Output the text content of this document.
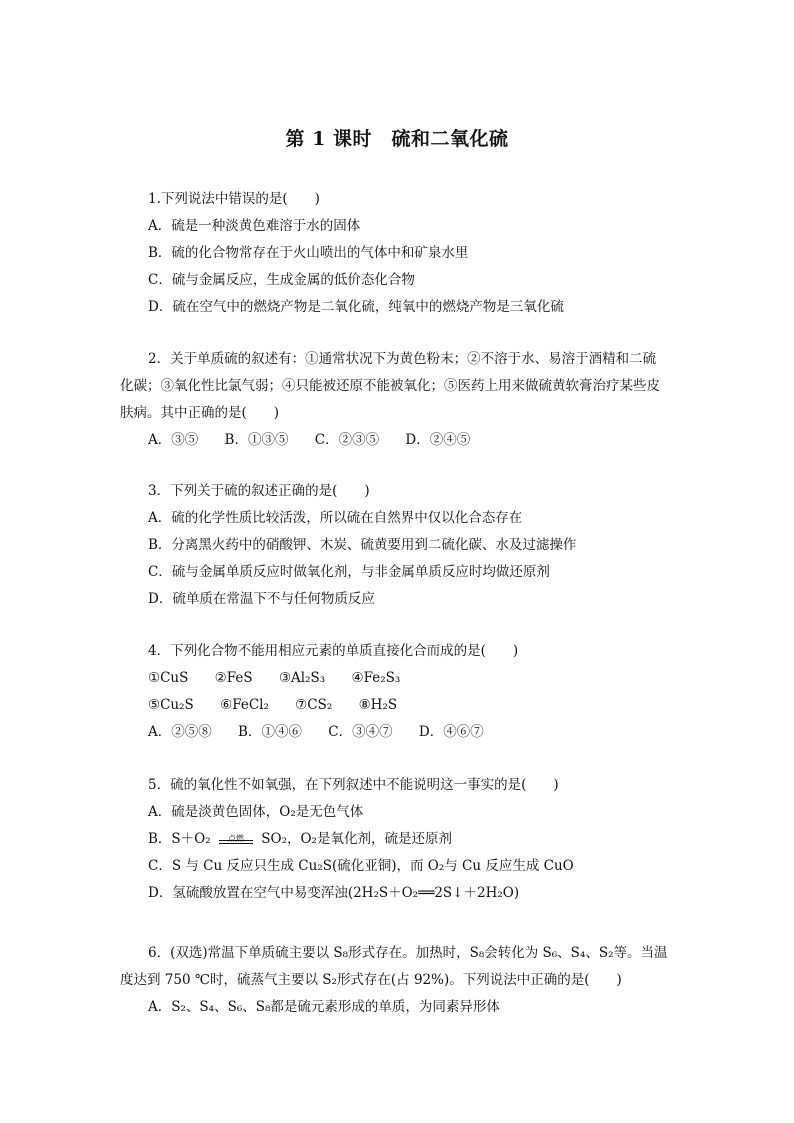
第 1 课时　硫和二氧化硫
1.下列说法中错误的是(　　)
A．硫是一种淡黄色难溶于水的固体
B．硫的化合物常存在于火山喷出的气体中和矿泉水里
C．硫与金属反应，生成金属的低价态化合物
D．硫在空气中的燃烧产物是二氧化硫，纯氧中的燃烧产物是三氧化硫
2．关于单质硫的叙述有：①通常状况下为黄色粉末；②不溶于水、易溶于酒精和二硫
化碳；③氧化性比氯气弱；④只能被还原不能被氧化；⑤医药上用来做硫黄软膏治疗某些皮
肤病。其中正确的是(　　)
A．③⑤ B．①③⑤ C．②③⑤ D．②④⑤
3．下列关于硫的叙述正确的是(　　)
A．硫的化学性质比较活泼，所以硫在自然界中仅以化合态存在
B．分离黑火药中的硝酸钾、木炭、硫黄要用到二硫化碳、水及过滤操作
C．硫与金属单质反应时做氧化剂，与非金属单质反应时均做还原剂
D．硫单质在常温下不与任何物质反应
4．下列化合物不能用相应元素的单质直接化合而成的是(　　)
①CuS ②FeS ③Al₂S₃ ④Fe₂S₃
⑤Cu₂S ⑥FeCl₂ ⑦CS₂ ⑧H₂S
A．②⑤⑧ B．①④⑥ C．③④⑦ D．④⑥⑦
5．硫的氧化性不如氧强，在下列叙述中不能说明这一事实的是(　　)
A．硫是淡黄色固体，O₂是无色气体
B．S＋O₂	点燃	SO₂，O₂是氧化剂，硫是还原剂
C．S 与 Cu 反应只生成 Cu₂S(硫化亚铜)，而 O₂与 Cu 反应生成 CuO
D．氢硫酸放置在空气中易变浑浊(2H₂S＋O₂══2S↓＋2H₂O)
6．(双选)常温下单质硫主要以 S₈形式存在。加热时，S₈会转化为 S₆、S₄、S₂等。当温
度达到 750 ℃时，硫蒸气主要以 S₂形式存在(占 92%)。下列说法中正确的是(　　)
A．S₂、S₄、S₆、S₈都是硫元素形成的单质，为同素异形体
